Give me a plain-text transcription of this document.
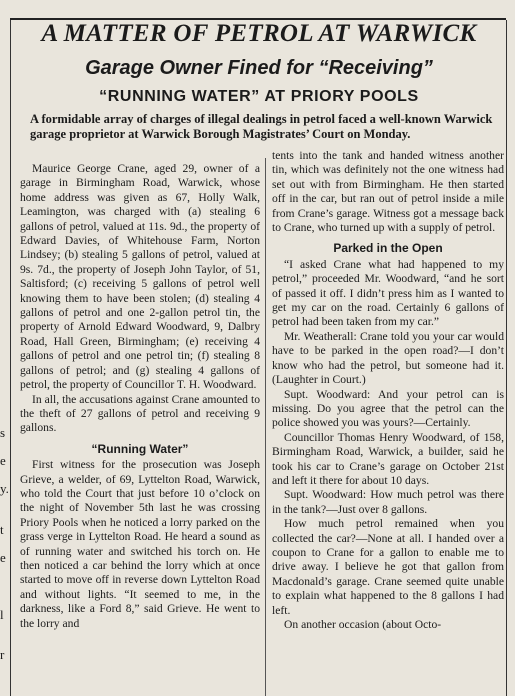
s
e
y.
t
e
l
r
A MATTER OF PETROL AT WARWICK
Garage Owner Fined for “Receiving”
“RUNNING WATER” AT PRIORY POOLS

A formidable array of charges of illegal dealings in petrol faced a well-known Warwick garage proprietor at Warwick Borough Magistrates’ Court on Monday.

Maurice George Crane, aged 29, owner of a garage in Birmingham Road, Warwick, whose home address was given as 67, Holly Walk, Leamington, was charged with (a) stealing 6 gallons of petrol, valued at 11s. 9d., the property of Edward Davies, of Whitehouse Farm, Norton Lindsey; (b) stealing 5 gallons of petrol, valued at 9s. 7d., the property of Joseph John Taylor, of 51, Saltisford; (c) receiving 5 gallons of petrol well knowing them to have been stolen; (d) stealing 4 gallons of petrol and one 2-gallon petrol tin, the property of Arnold Edward Woodward, 9, Dalbry Road, Hall Green, Birmingham; (e) receiving 4 gallons of petrol and one petrol tin; (f) stealing 8 gallons of petrol; and (g) stealing 4 gallons of petrol, the property of Councillor T. H. Woodward.

In all, the accusations against Crane amounted to the theft of 27 gallons of petrol and receiving 9 gallons.

“Running Water”

First witness for the prosecution was Joseph Grieve, a welder, of 69, Lyttelton Road, Warwick, who told the Court that just before 10 o’clock on the night of November 5th last he was crossing Priory Pools when he noticed a lorry parked on the grass verge in Lyttelton Road. He heard a sound as of running water and switched his torch on. He then noticed a car behind the lorry which at once started to move off in reverse down Lyttelton Road and without lights. “It seemed to me, in the darkness, like a Ford 8,” said Grieve. He went to the lorry and

tents into the tank and handed witness another tin, which was definitely not the one witness had set out with from Birmingham. He then started off in the car, but ran out of petrol inside a mile from Crane’s garage. Witness got a message back to Crane, who turned up with a supply of petrol.

Parked in the Open

“I asked Crane what had happened to my petrol,” proceeded Mr. Woodward, “and he sort of passed it off. I didn’t press him as I wanted to get my car on the road. Certainly 6 gallons of petrol had been taken from my car.”

Mr. Weatherall: Crane told you your car would have to be parked in the open road?—I don’t know who had the petrol, but someone had it. (Laughter in Court.)

Supt. Woodward: And your petrol can is missing. Do you agree that the petrol can the police showed you was yours?—Certainly.

Councillor Thomas Henry Woodward, of 158, Birmingham Road, Warwick, a builder, said he took his car to Crane’s garage on October 21st and left it there for about 10 days.

Supt. Woodward: How much petrol was there in the tank?—Just over 8 gallons.

How much petrol remained when you collected the car?—None at all. I handed over a coupon to Crane for a gallon to enable me to drive away. I believe he got that gallon from Macdonald’s garage. Crane seemed quite unable to explain what happened to the 8 gallons I had left.

On another occasion (about Octo-
